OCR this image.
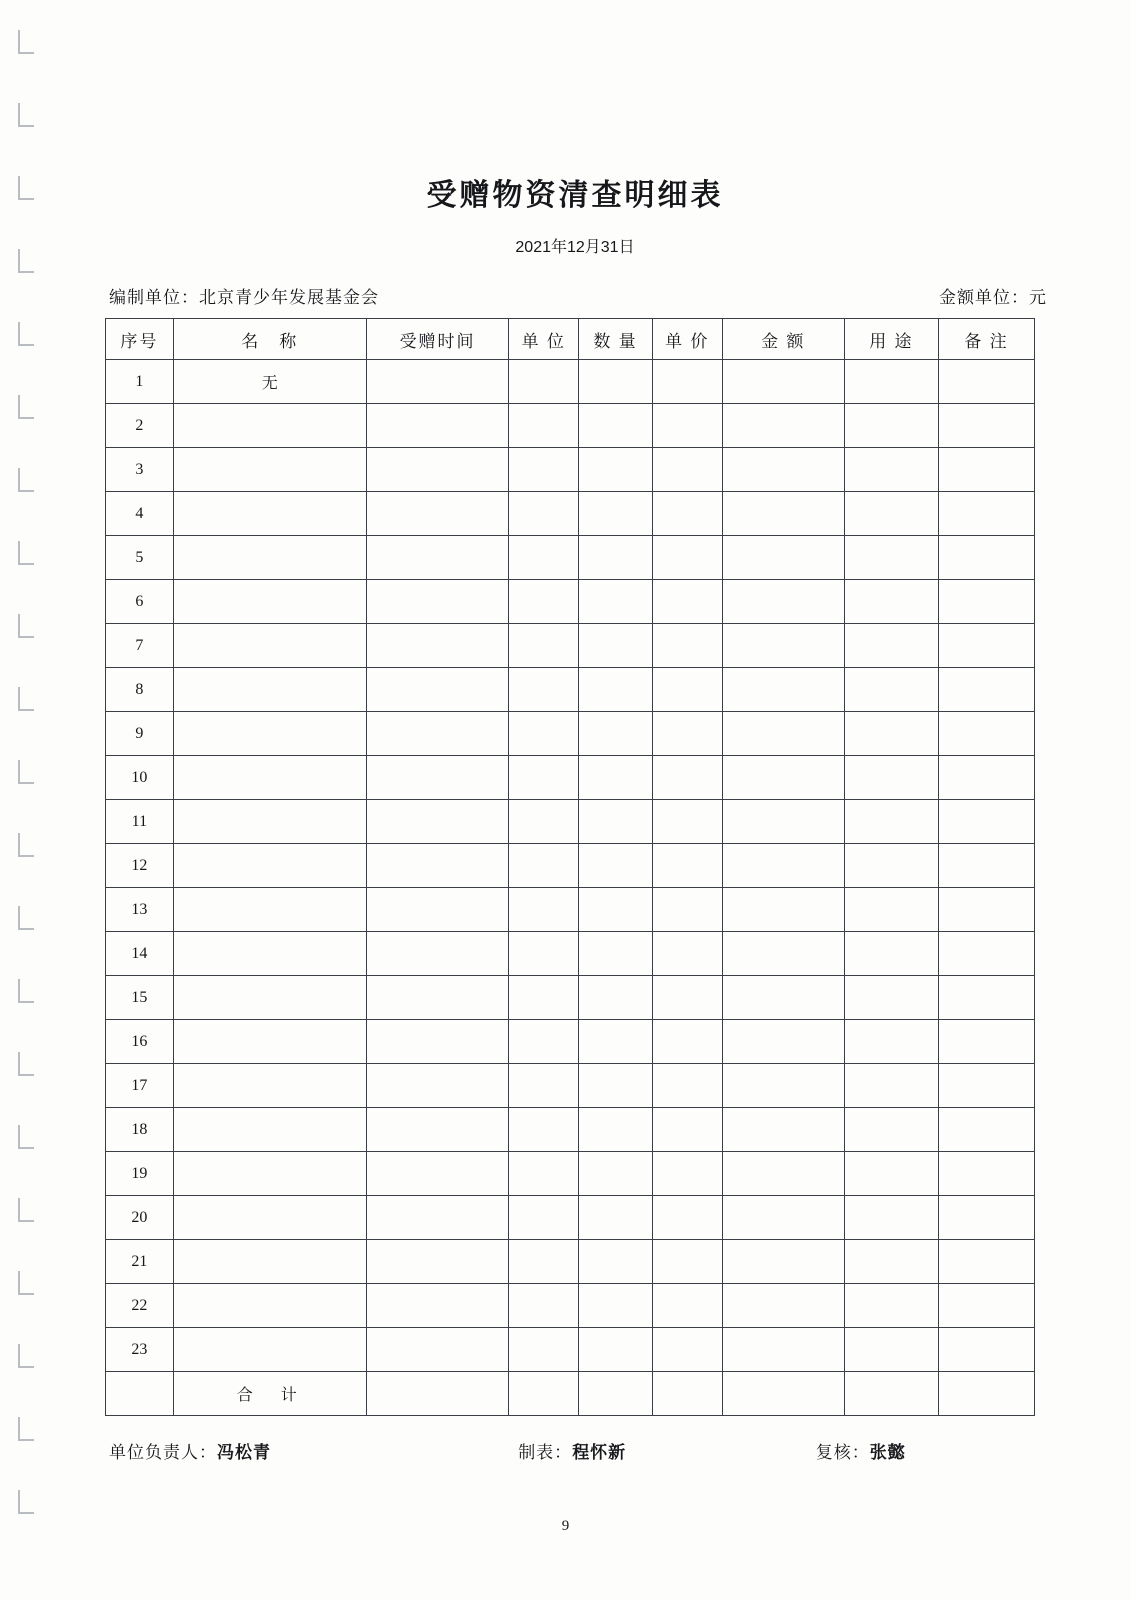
受赠物资清查明细表
2021年12月31日
编制单位：北京青少年发展基金会	金额单位：元
序号	名　称	受赠时间	单 位	数 量	单 价	金 额	用 途	备 注
1	无							
2								
3								
4								
5								
6								
7								
8								
9								
10								
11								
12								
13								
14								
15								
16								
17								
18								
19								
20								
21								
22								
23								
	合　计							
单位负责人：冯松青	制表：程怀新	复核：张懿
9
